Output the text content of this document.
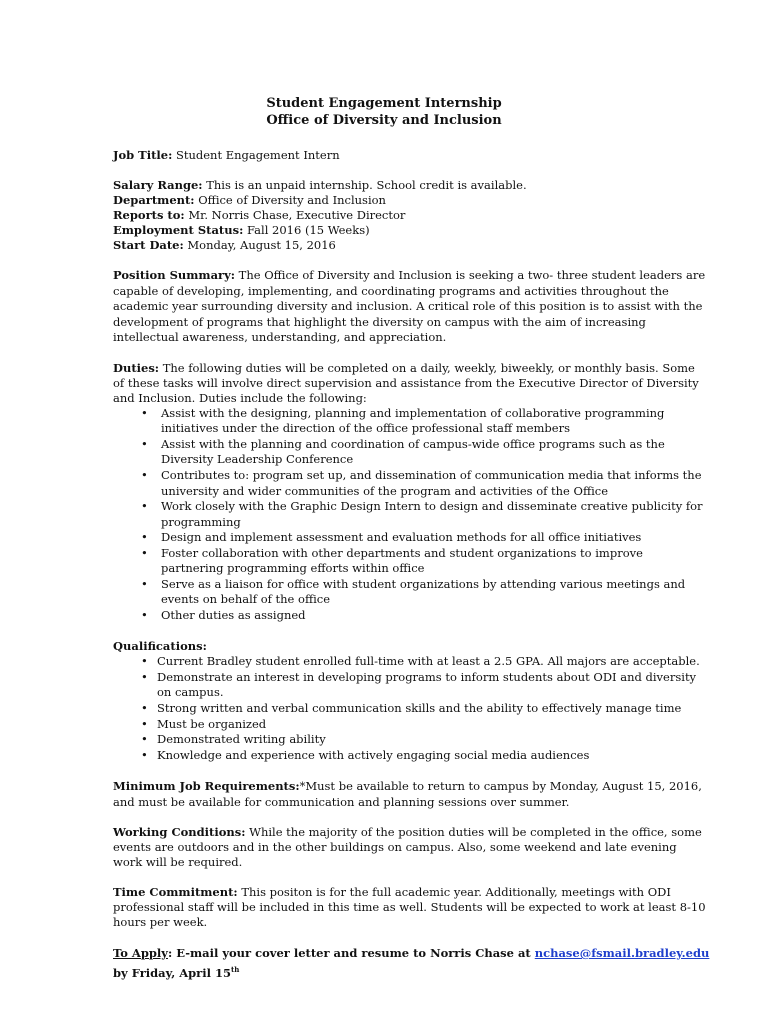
Student Engagement Internship
Office of Diversity and Inclusion
Job Title: Student Engagement Intern
Salary Range: This is an unpaid internship. School credit is available.
Department: Office of Diversity and Inclusion
Reports to: Mr. Norris Chase, Executive Director
Employment Status: Fall 2016 (15 Weeks)
Start Date: Monday, August 15, 2016
Position Summary: The Office of Diversity and Inclusion is seeking a two- three student leaders are
capable of developing, implementing, and coordinating programs and activities throughout the
academic year surrounding diversity and inclusion. A critical role of this position is to assist with the
development of programs that highlight the diversity on campus with the aim of increasing
intellectual awareness, understanding, and appreciation.
Duties: The following duties will be completed on a daily, weekly, biweekly, or monthly basis. Some
of these tasks will involve direct supervision and assistance from the Executive Director of Diversity
and Inclusion. Duties include the following:
•	Assist with the designing, planning and implementation of collaborative programming
initiatives under the direction of the office professional staff members
•	Assist with the planning and coordination of campus-wide office programs such as the
Diversity Leadership Conference
•	Contributes to: program set up, and dissemination of communication media that informs the
university and wider communities of the program and activities of the Office
•	Work closely with the Graphic Design Intern to design and disseminate creative publicity for
programming
•	Design and implement assessment and evaluation methods for all office initiatives
•	Foster collaboration with other departments and student organizations to improve
partnering programming efforts within office
•	Serve as a liaison for office with student organizations by attending various meetings and
events on behalf of the office
•	Other duties as assigned
Qualifications:
• Current Bradley student enrolled full-time with at least a 2.5 GPA. All majors are acceptable.
• Demonstrate an interest in developing programs to inform students about ODI and diversity
on campus.
• Strong written and verbal communication skills and the ability to effectively manage time
• Must be organized
• Demonstrated writing ability
• Knowledge and experience with actively engaging social media audiences
Minimum Job Requirements:*Must be available to return to campus by Monday, August 15, 2016,
and must be available for communication and planning sessions over summer.
Working Conditions: While the majority of the position duties will be completed in the office, some
events are outdoors and in the other buildings on campus. Also, some weekend and late evening
work will be required.
Time Commitment: This positon is for the full academic year. Additionally, meetings with ODI
professional staff will be included in this time as well. Students will be expected to work at least 8-10
hours per week.
To Apply: E-mail your cover letter and resume to Norris Chase at nchase@fsmail.bradley.edu
by Friday, April 15th
